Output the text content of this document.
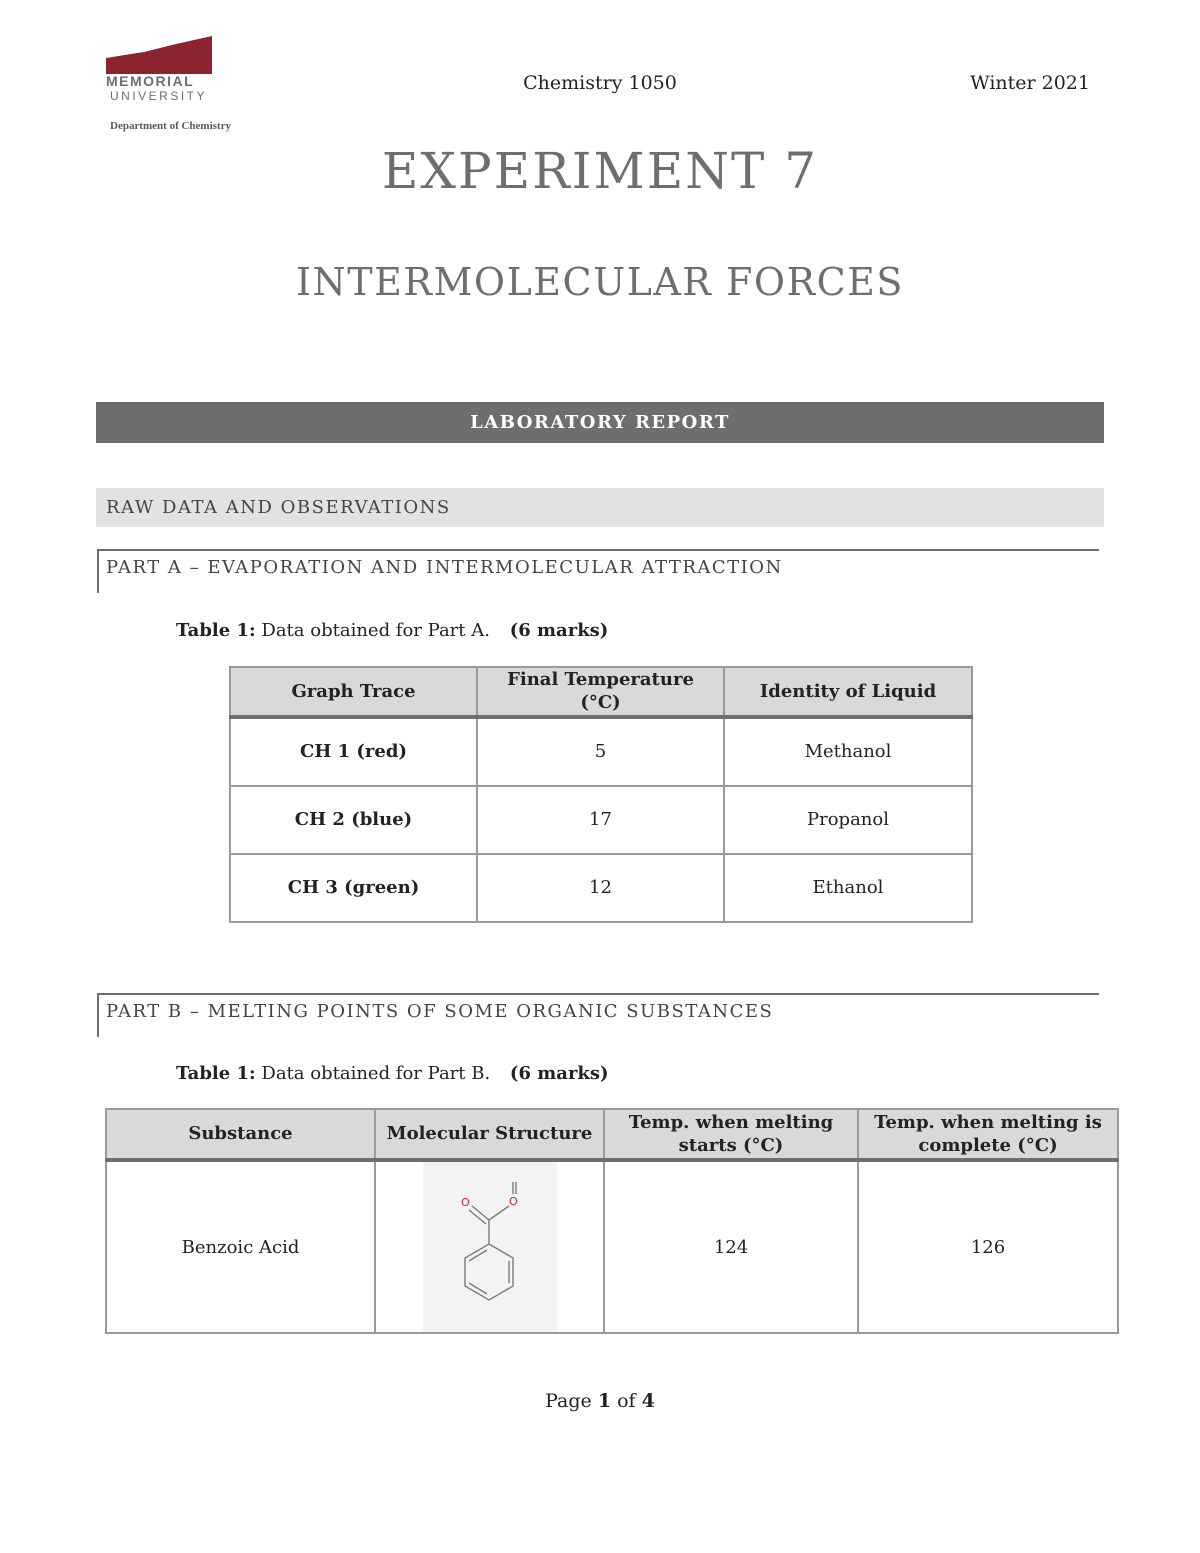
MEMORIAL
UNIVERSITY
Department of Chemistry
Chemistry 1050	Winter 2021
EXPERIMENT 7
INTERMOLECULAR FORCES
LABORATORY REPORT
RAW DATA AND OBSERVATIONS
PART A – EVAPORATION AND INTERMOLECULAR ATTRACTION
Table 1: Data obtained for Part A. (6 marks)
Graph Trace	Final Temperature (°C)	Identity of Liquid
CH 1 (red)	5	Methanol
CH 2 (blue)	17	Propanol
CH 3 (green)	12	Ethanol
PART B – MELTING POINTS OF SOME ORGANIC SUBSTANCES
Table 1: Data obtained for Part B. (6 marks)
Substance	Molecular Structure	Temp. when melting starts (°C)	Temp. when melting is complete (°C)
Benzoic Acid	O O	124	126
Page 1 of 4
